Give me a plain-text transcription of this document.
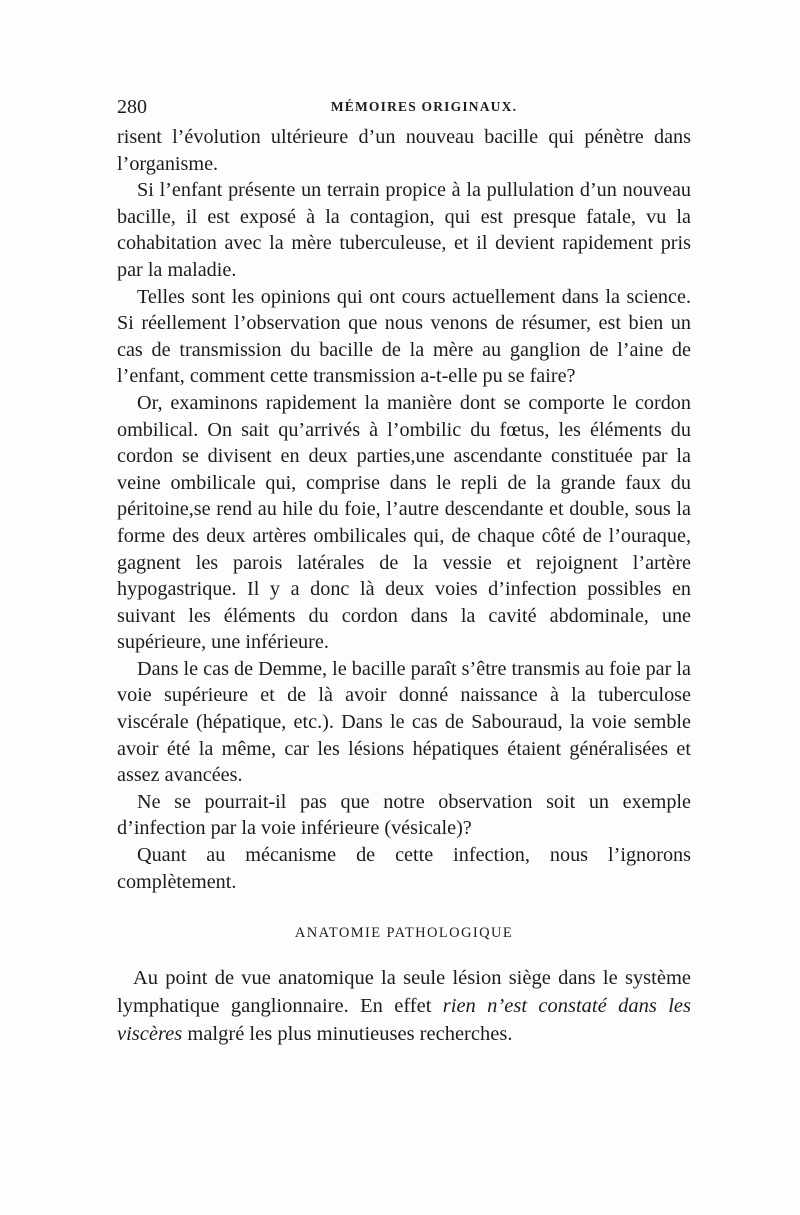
280	MÉMOIRES ORIGINAUX.

risent l’évolution ultérieure d’un nouveau bacille qui pénètre dans l’organisme.

Si l’enfant présente un terrain propice à la pullulation d’un nouveau bacille, il est exposé à la contagion, qui est presque fatale, vu la cohabitation avec la mère tuberculeuse, et il devient rapidement pris par la maladie.

Telles sont les opinions qui ont cours actuellement dans la science. Si réellement l’observation que nous venons de résumer, est bien un cas de transmission du bacille de la mère au ganglion de l’aine de l’enfant, comment cette transmission a-t-elle pu se faire?

Or, examinons rapidement la manière dont se comporte le cordon ombilical. On sait qu’arrivés à l’ombilic du fœtus, les éléments du cordon se divisent en deux parties,une ascendante constituée par la veine ombilicale qui, comprise dans le repli de la grande faux du péritoine,se rend au hile du foie, l’autre descendante et double, sous la forme des deux artères ombilicales qui, de chaque côté de l’ouraque, gagnent les parois latérales de la vessie et rejoignent l’artère hypogastrique. Il y a donc là deux voies d’infection possibles en suivant les éléments du cordon dans la cavité abdominale, une supérieure, une inférieure.

Dans le cas de Demme, le bacille paraît s’être transmis au foie par la voie supérieure et de là avoir donné naissance à la tuberculose viscérale (hépatique, etc.). Dans le cas de Sabouraud, la voie semble avoir été la même, car les lésions hépatiques étaient généralisées et assez avancées.

Ne se pourrait-il pas que notre observation soit un exemple d’infection par la voie inférieure (vésicale)?

Quant au mécanisme de cette infection, nous l’ignorons complètement.

ANATOMIE PATHOLOGIQUE

Au point de vue anatomique la seule lésion siège dans le système lymphatique ganglionnaire. En effet rien n’est constaté dans les viscères malgré les plus minutieuses recherches.
